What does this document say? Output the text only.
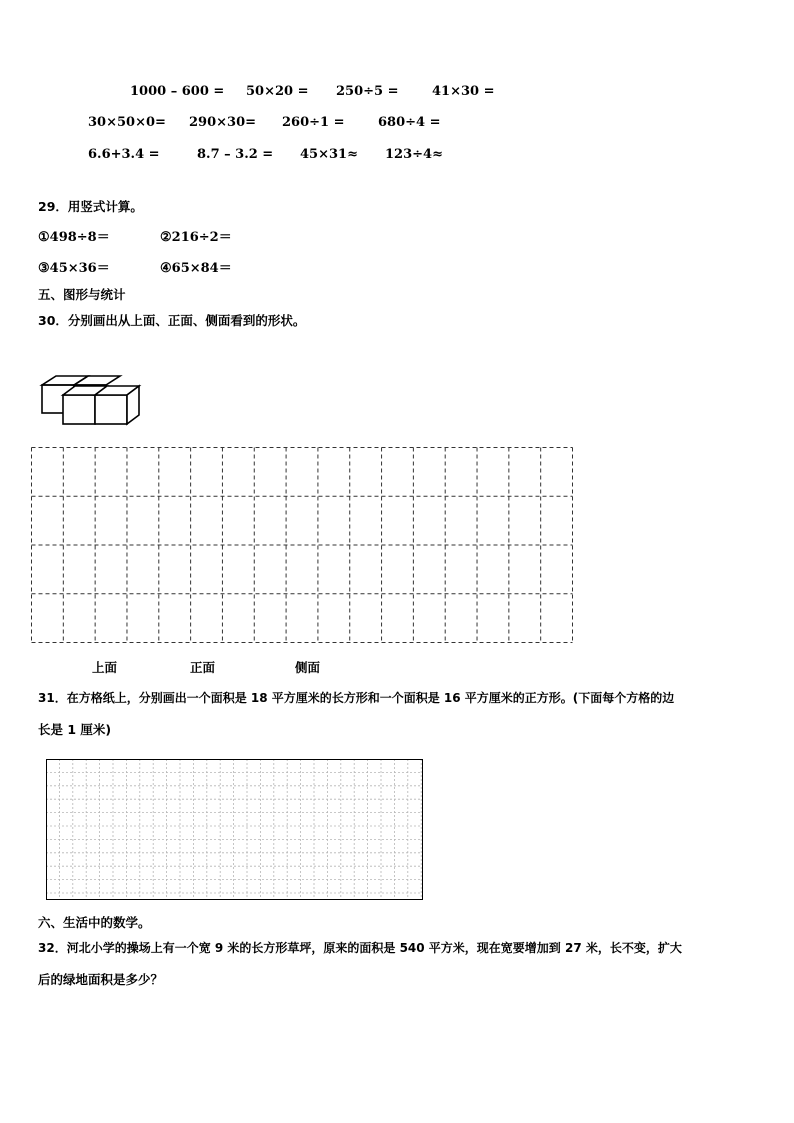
1000 – 600 = 50×20 = 250÷5 =	41×30 =
30×50×0= 290×30= 260÷1 =	680÷4 =
6.6+3.4 =	8.7 – 3.2 = 45×31≈ 123÷4≈
29．用竖式计算。
①498÷8＝	②216÷2＝
③45×36＝	④65×84＝
五、图形与统计
30．分别画出从上面、正面、侧面看到的形状。
上面	正面	侧面
31．在方格纸上，分别画出一个面积是 18 平方厘米的长方形和一个面积是 16 平方厘米的正方形。(下面每个方格的边
长是 1 厘米)
六、生活中的数学。
32．河北小学的操场上有一个宽 9 米的长方形草坪，原来的面积是 540 平方米，现在宽要增加到 27 米，长不变，扩大
后的绿地面积是多少？
